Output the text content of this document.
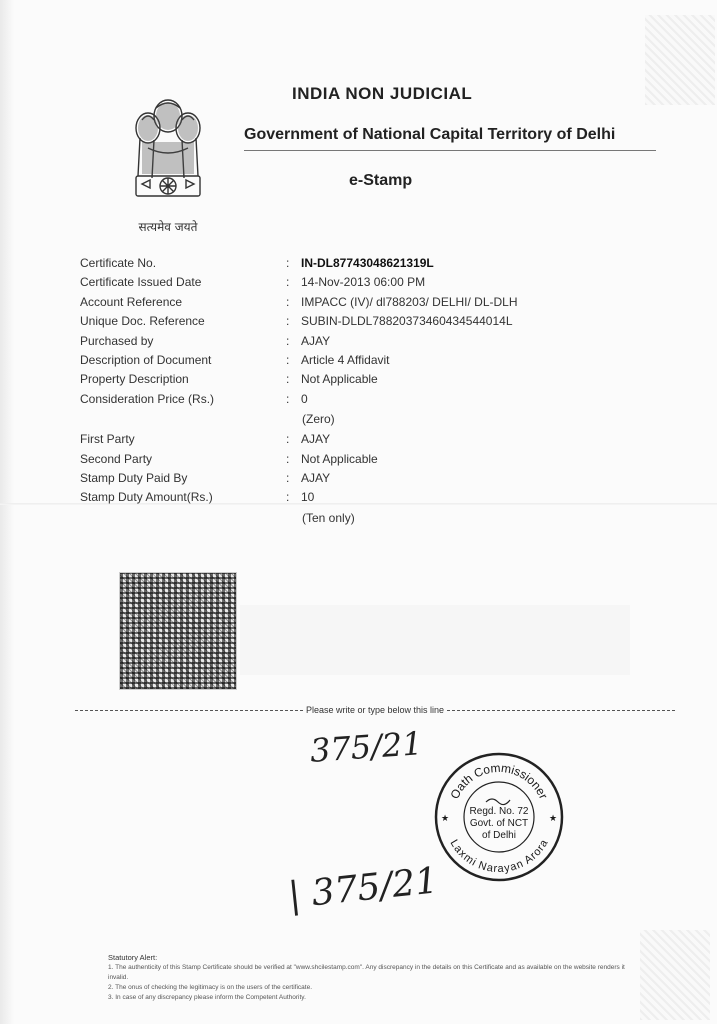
सत्यमेव जयते
INDIA NON JUDICIAL
Government of National Capital Territory of Delhi
e-Stamp
Certificate No.	: IN-DL87743048621319L
Certificate Issued Date	: 14-Nov-2013 06:00 PM
Account Reference	: IMPACC (IV)/ dl788203/ DELHI/ DL-DLH
Unique Doc. Reference	: SUBIN-DLDL78820373460434544014L
Purchased by	: AJAY
Description of Document	: Article 4 Affidavit
Property Description	: Not Applicable
Consideration Price (Rs.)	: 0
(Zero)
First Party	: AJAY
Second Party	: Not Applicable
Stamp Duty Paid By	: AJAY
Stamp Duty Amount(Rs.)	: 10
(Ten only)
Please write or type below this line
375/21
| 375/21
Oath Commissioner
Laxmi Narayan Arora
★	★
Regd. No. 72
Govt. of NCT
of Delhi
Statutory Alert:
1. The authenticity of this Stamp Certificate should be verified at "www.shcilestamp.com". Any discrepancy in the details on this Certificate and as available on the website renders it invalid.
2. The onus of checking the legitimacy is on the users of the certificate.
3. In case of any discrepancy please inform the Competent Authority.
